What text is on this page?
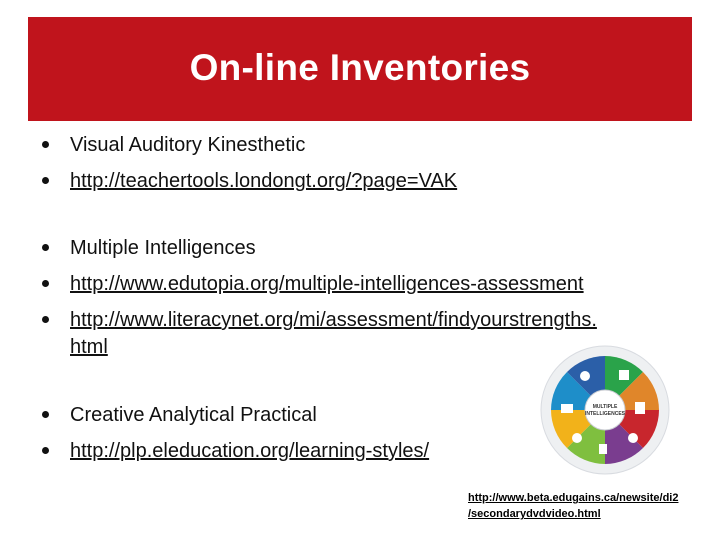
On-line Inventories
Visual Auditory Kinesthetic
http://teachertools.londongt.org/?page=VAK
Multiple Intelligences
http://www.edutopia.org/multiple-intelligences-assessment
http://www.literacynet.org/mi/assessment/findyourstrengths.
html
Creative Analytical Practical
http://plp.eleducation.org/learning-styles/
MULTIPLE
INTELLIGENCES
http://www.beta.edugains.ca/newsite/di2
/secondarydvdvideo.html
